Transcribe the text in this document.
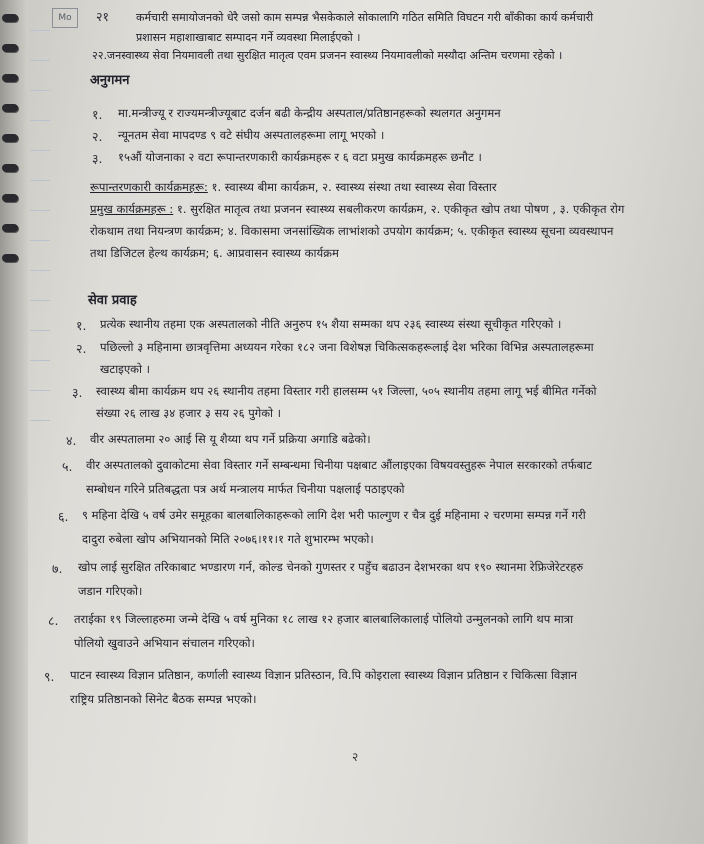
Mo	२१ कर्मचारी समायोजनको धेरै जसो काम सम्पन्न भैसकेकाले सोकालागि गठित समिति विघटन गरी बाँकीका कार्य कर्मचारी
प्रशासन महाशाखाबाट सम्पादन गर्ने व्यवस्था मिलाईएको ।
२२.जनस्वास्थ्य सेवा नियमावली तथा सुरक्षित मातृत्व एवम प्रजनन स्वास्थ्य नियमावलीको मस्यौदा अन्तिम चरणमा रहेको ।
अनुगमन
१. मा.मन्त्रीज्यू र राज्यमन्त्रीज्यूबाट दर्जन बढी केन्द्रीय अस्पताल/प्रतिष्ठानहरूको स्थलगत अनुगमन
२. न्यूनतम सेवा मापदण्ड ९ वटे संघीय अस्पतालहरूमा लागू भएको ।
३. १५औं योजनाका २ वटा रूपान्तरणकारी कार्यक्रमहरू र ६ वटा प्रमुख कार्यक्रमहरू छनौट ।
रूपान्तरणकारी कार्यक्रमहरू: १. स्वास्थ्य बीमा कार्यक्रम, २. स्वास्थ्य संस्था तथा स्वास्थ्य सेवा विस्तार
प्रमुख कार्यक्रमहरू : १. सुरक्षित मातृत्व तथा प्रजनन स्वास्थ्य सबलीकरण कार्यक्रम, २. एकीकृत खोप तथा पोषण , ३. एकीकृत रोग
रोकथाम तथा नियन्त्रण कार्यक्रम; ४. विकासमा जनसांख्यिक लाभांशको उपयोग कार्यक्रम; ५. एकीकृत स्वास्थ्य सूचना व्यवस्थापन
तथा डिजिटल हेल्थ कार्यक्रम; ६. आप्रवासन स्वास्थ्य कार्यक्रम
सेवा प्रवाह
१. प्रत्येक स्थानीय तहमा एक अस्पतालको नीति अनुरुप १५ शैया सम्मका थप २३६ स्वास्थ्य संस्था सूचीकृत गरिएको ।
२. पछिल्लो ३ महिनामा छात्रवृत्तिमा अध्ययन गरेका १८२ जना विशेषज्ञ चिकित्सकहरूलाई देश भरिका विभिन्न अस्पतालहरूमा
खटाइएको ।
३. स्वास्थ्य बीमा कार्यक्रम थप २६ स्थानीय तहमा विस्तार गरी हालसम्म ५१ जिल्ला, ५०५ स्थानीय तहमा लागू भई बीमित गर्नेको
संख्या २६ लाख ३४ हजार ३ सय २६ पुगेको ।
४. वीर अस्पतालमा २० आई सि यू शैय्या थप गर्ने प्रक्रिया अगाडि बढेको।
५. वीर अस्पतालको दुवाकोटमा सेवा विस्तार गर्ने सम्बन्धमा चिनीया पक्षबाट औंलाइएका विषयवस्तुहरू नेपाल सरकारको तर्फबाट
सम्बोधन गरिने प्रतिबद्धता पत्र अर्थ मन्त्रालय मार्फत चिनीया पक्षलाई पठाइएको
६. ९ महिना देखि ५ वर्ष उमेर समूहका बालबालिकाहरूको लागि देश भरी फाल्गुण र चैत्र दुई महिनामा २ चरणमा सम्पन्न गर्ने गरी
दादुरा रुबेला खोप अभियानको मिति २०७६।११।१ गते शुभारम्भ भएको।
७. खोप लाई सुरक्षित तरिकाबाट भण्डारण गर्न, कोल्ड चेनको गुणस्तर र पहुँच बढाउन देशभरका थप १९० स्थानमा रेफ्रिजेरेटरहरु
जडान गरिएको।
८. तराईका १९ जिल्लाहरुमा जन्मे देखि ५ वर्ष मुनिका १८ लाख १२ हजार बालबालिकालाई पोलियो उन्मुलनको लागि थप मात्रा
पोलियो खुवाउने अभियान संचालन गरिएको।
९. पाटन स्वास्थ्य विज्ञान प्रतिष्ठान, कर्णाली स्वास्थ्य विज्ञान प्रतिस्ठान, वि.पि कोइराला स्वास्थ्य विज्ञान प्रतिष्ठान र चिकित्सा विज्ञान
राष्ट्रिय प्रतिष्ठानको सिनेट बैठक सम्पन्न भएको।
२
